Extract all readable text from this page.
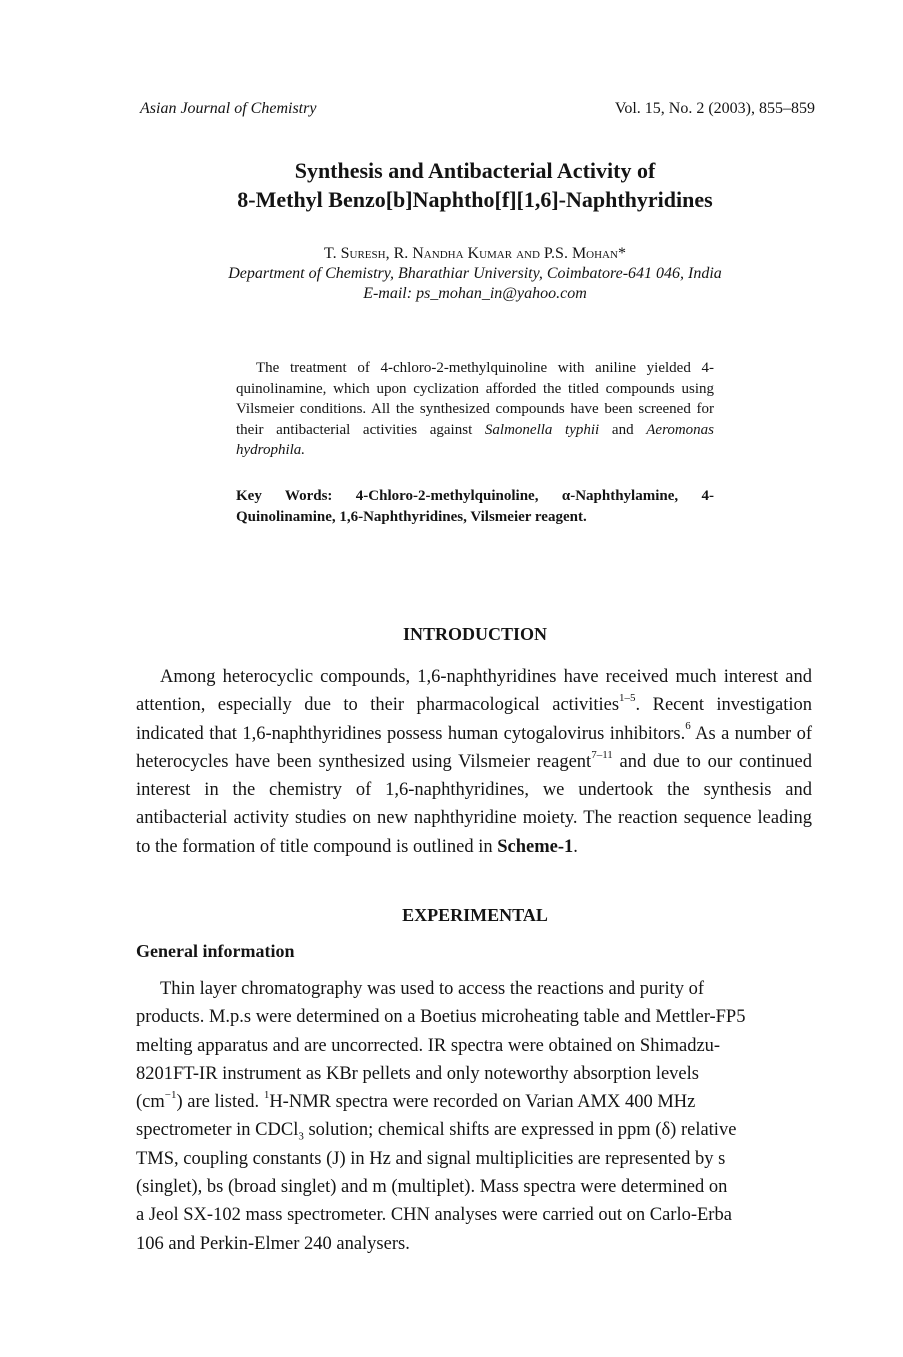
Asian Journal of Chemistry	Vol. 15, No. 2 (2003), 855–859
Synthesis and Antibacterial Activity of
8-Methyl Benzo[b]Naphtho[f][1,6]-Naphthyridines
T. Suresh, R. Nandha Kumar and P.S. Mohan*
Department of Chemistry, Bharathiar University, Coimbatore-641 046, India
E-mail: ps_mohan_in@yahoo.com

The treatment of 4-chloro-2-methylquinoline with aniline yielded 4-quinolinamine, which upon cyclization afforded the titled compounds using Vilsmeier conditions. All the synthesized compounds have been screened for their antibacterial activities against Salmonella typhii and Aeromonas hydrophila.

Key Words: 4-Chloro-2-methylquinoline, α-Naphthylamine, 4-Quinolinamine, 1,6-Naphthyridines, Vilsmeier reagent.
INTRODUCTION

Among heterocyclic compounds, 1,6-naphthyridines have received much interest and attention, especially due to their pharmacological activities$^{1-5}$. Recent investigation indicated that 1,6-naphthyridines possess human cytogalovirus inhibitors.$^6$ As a number of heterocycles have been synthesized using Vilsmeier reagent$^{7-11}$ and due to our continued interest in the chemistry of 1,6-naphthyridines, we undertook the synthesis and antibacterial activity studies on new naphthyridine moiety. The reaction sequence leading to the formation of title compound is outlined in Scheme-1.

EXPERIMENTAL
General information
Thin layer chromatography was used to access the reactions and purity of
products. M.p.s were determined on a Boetius microheating table and Mettler-FP5
melting apparatus and are uncorrected. IR spectra were obtained on Shimadzu-
8201FT-IR instrument as KBr pellets and only noteworthy absorption levels
$(cm^{-1})$ are listed. $^1$H-NMR spectra were recorded on Varian AMX 400 MHz
spectrometer in CDCl$_3$ solution; chemical shifts are expressed in ppm (δ) relative
TMS, coupling constants (J) in Hz and signal multiplicities are represented by s
(singlet), bs (broad singlet) and m (multiplet). Mass spectra were determined on
a Jeol SX-102 mass spectrometer. CHN analyses were carried out on Carlo-Erba
106 and Perkin-Elmer 240 analysers.
